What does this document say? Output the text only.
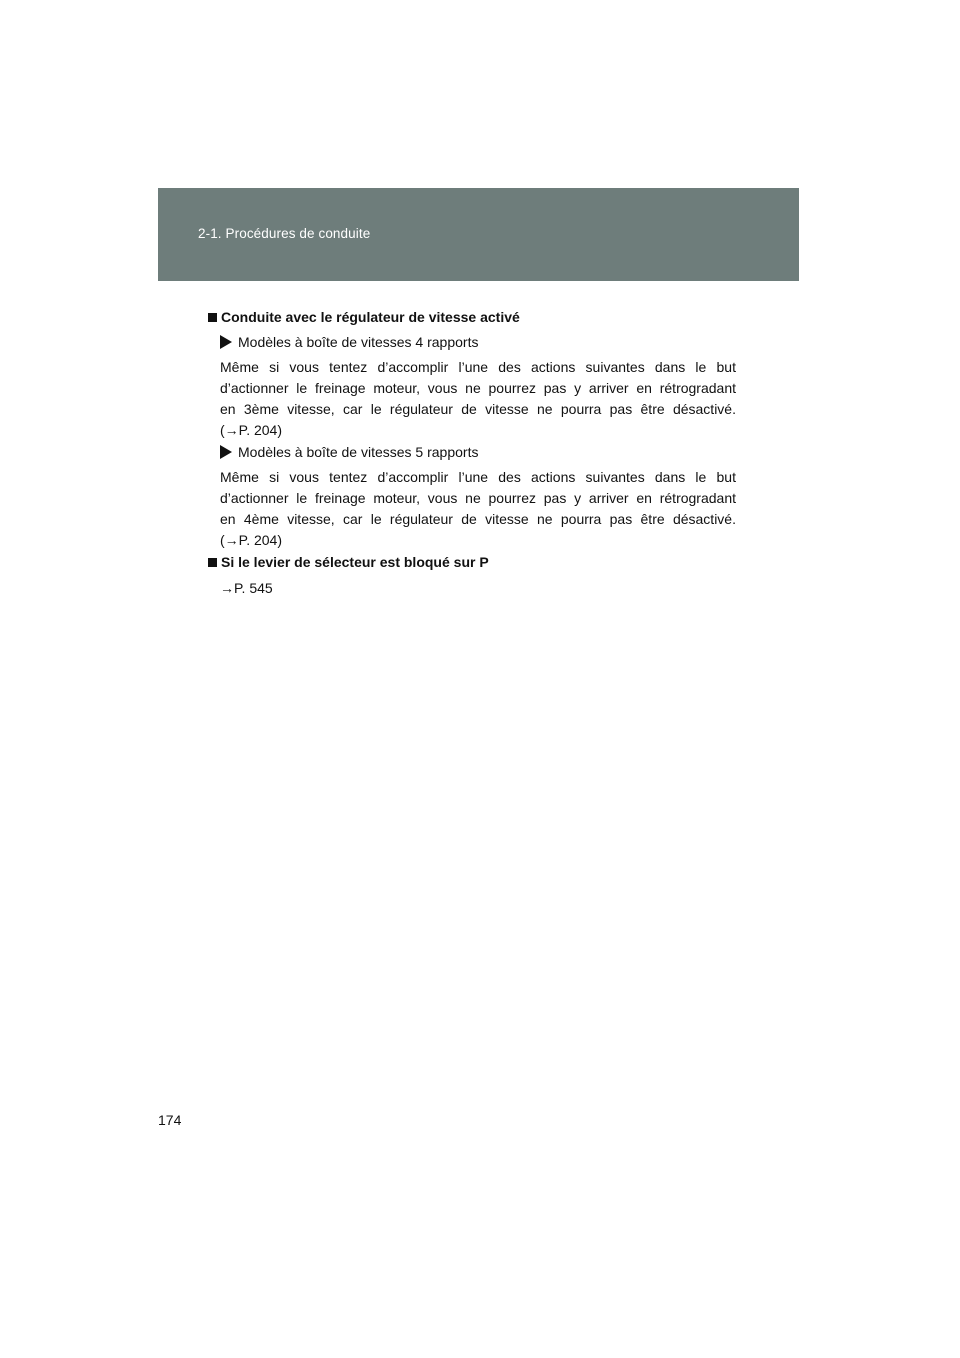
2-1. Procédures de conduite
Conduite avec le régulateur de vitesse activé
Modèles à boîte de vitesses 4 rapports
Même si vous tentez d’accomplir l’une des actions suivantes dans le but
d’actionner le freinage moteur, vous ne pourrez pas y arriver en rétrogradant
en 3ème vitesse, car le régulateur de vitesse ne pourra pas être désactivé.
(→P. 204)
Modèles à boîte de vitesses 5 rapports
Même si vous tentez d’accomplir l’une des actions suivantes dans le but
d’actionner le freinage moteur, vous ne pourrez pas y arriver en rétrogradant
en 4ème vitesse, car le régulateur de vitesse ne pourra pas être désactivé.
(→P. 204)
Si le levier de sélecteur est bloqué sur P
→P. 545
174
